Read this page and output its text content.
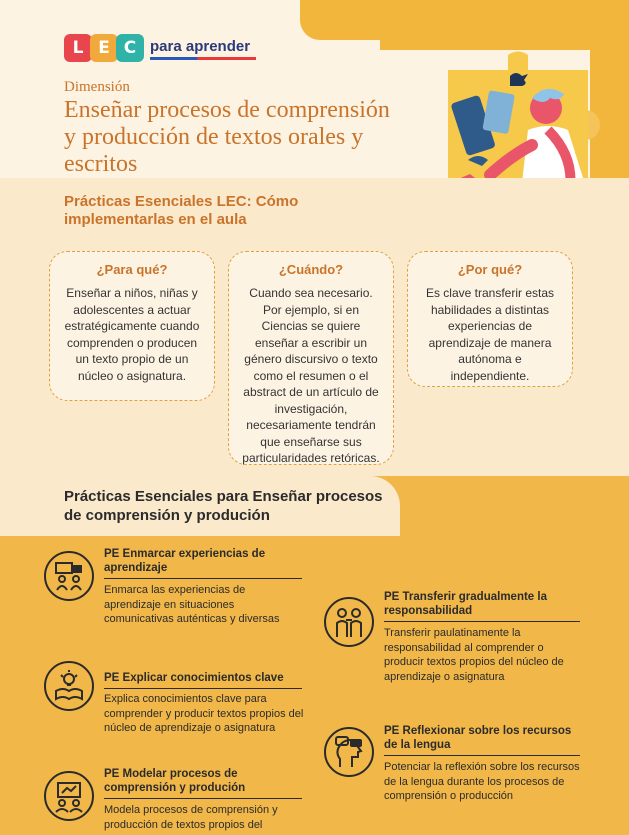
L E C para aprender
Dimensión
Enseñar procesos de comprensión y producción de textos orales y escritos
Prácticas Esenciales LEC: Cómo implementarlas en el aula
¿Para qué?

Enseñar a niños, niñas y adolescentes a actuar estratégicamente cuando comprenden o producen un texto propio de un núcleo o asignatura.

¿Cuándo?

Cuando sea necesario. Por ejemplo, si en Ciencias se quiere enseñar a escribir un género discursivo o texto como el resumen o el abstract de un artículo de investigación, necesariamente tendrán que enseñarse sus particularidades retóricas.

¿Por qué?

Es clave transferir estas habilidades a distintas experiencias de aprendizaje de manera autónoma e independiente.

Prácticas Esenciales para Enseñar procesos de comprensión y produción
PE Enmarcar experiencias de aprendizaje
Enmarca las experiencias de aprendizaje en situaciones comunicativas auténticas y diversas
PE Explicar conocimientos clave
Explica conocimientos clave para comprender y producir textos propios del núcleo de aprendizaje o asignatura
PE Modelar procesos de comprensión y produción
Modela procesos de comprensión y producción de textos propios del
PE Transferir gradualmente la responsabilidad
Transferir paulatinamente la responsabilidad al comprender o producir textos propios del núcleo de aprendizaje o asignatura
PE Reflexionar sobre los recursos de la lengua
Potenciar la reflexión sobre los recursos de la lengua durante los procesos de comprensión o producción
